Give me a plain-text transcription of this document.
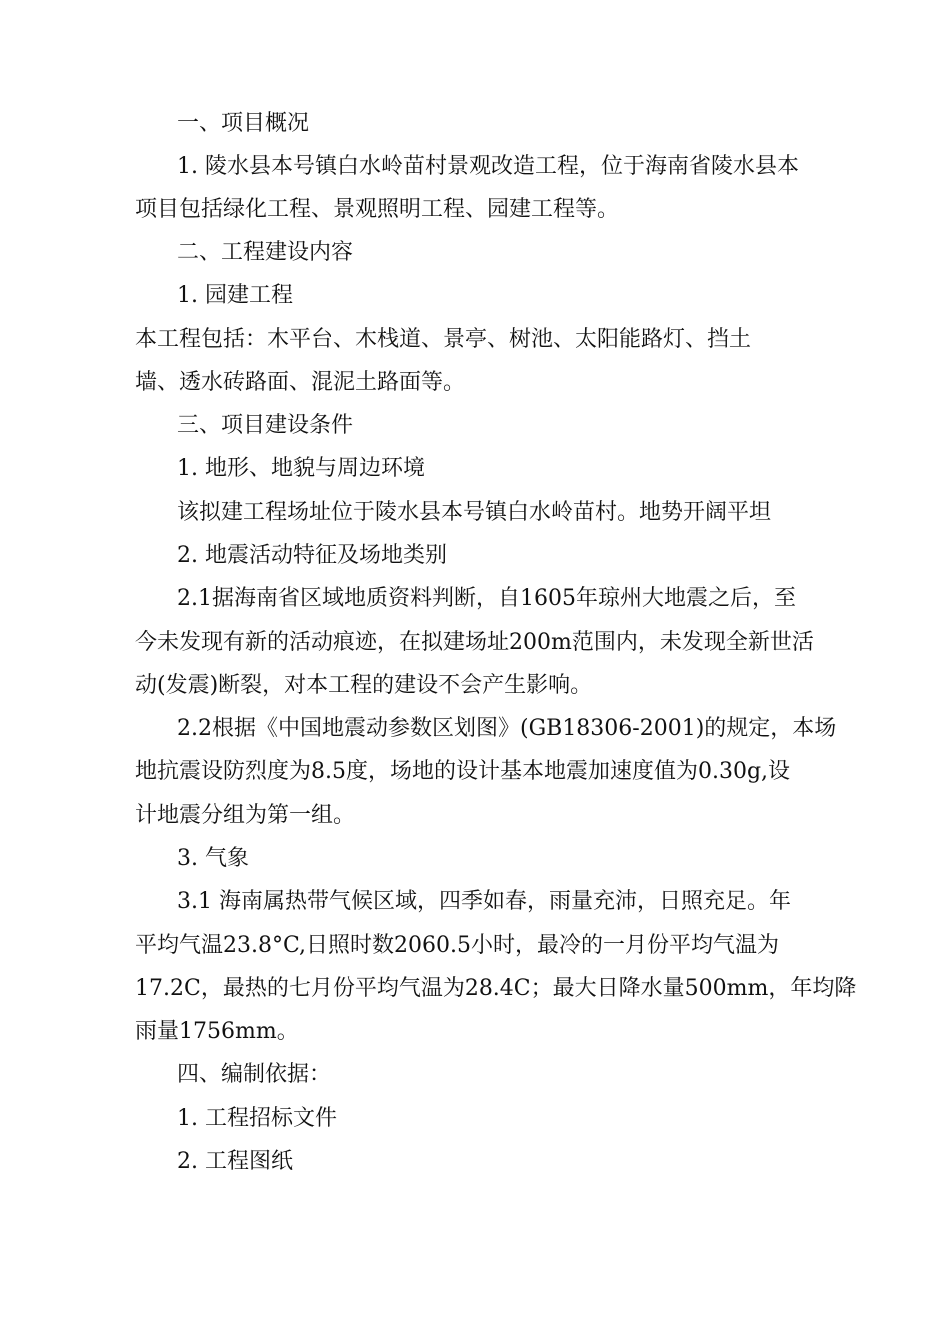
一、项目概况
1. 陵水县本号镇白水岭苗村景观改造工程，位于海南省陵水县本
项目包括绿化工程、景观照明工程、园建工程等。
二、工程建设内容
1. 园建工程
本工程包括：木平台、木栈道、景亭、树池、太阳能路灯、挡土
墙、透水砖路面、混泥土路面等。
三、项目建设条件
1. 地形、地貌与周边环境
该拟建工程场址位于陵水县本号镇白水岭苗村。地势开阔平坦
2. 地震活动特征及场地类别
2.1据海南省区域地质资料判断，自1605年琼州大地震之后，至
今未发现有新的活动痕迹，在拟建场址200m范围内，未发现全新世活
动(发震)断裂，对本工程的建设不会产生影响。
2.2根据《中国地震动参数区划图》(GB18306-2001)的规定，本场
地抗震设防烈度为8.5度，场地的设计基本地震加速度值为0.30g,设
计地震分组为第一组。
3. 气象
3.1 海南属热带气候区域，四季如春，雨量充沛，日照充足。年
平均气温23.8°C,日照时数2060.5小时，最冷的一月份平均气温为
17.2C，最热的七月份平均气温为28.4C；最大日降水量500mm，年均降
雨量1756mm。
四、编制依据：
1. 工程招标文件
2. 工程图纸
